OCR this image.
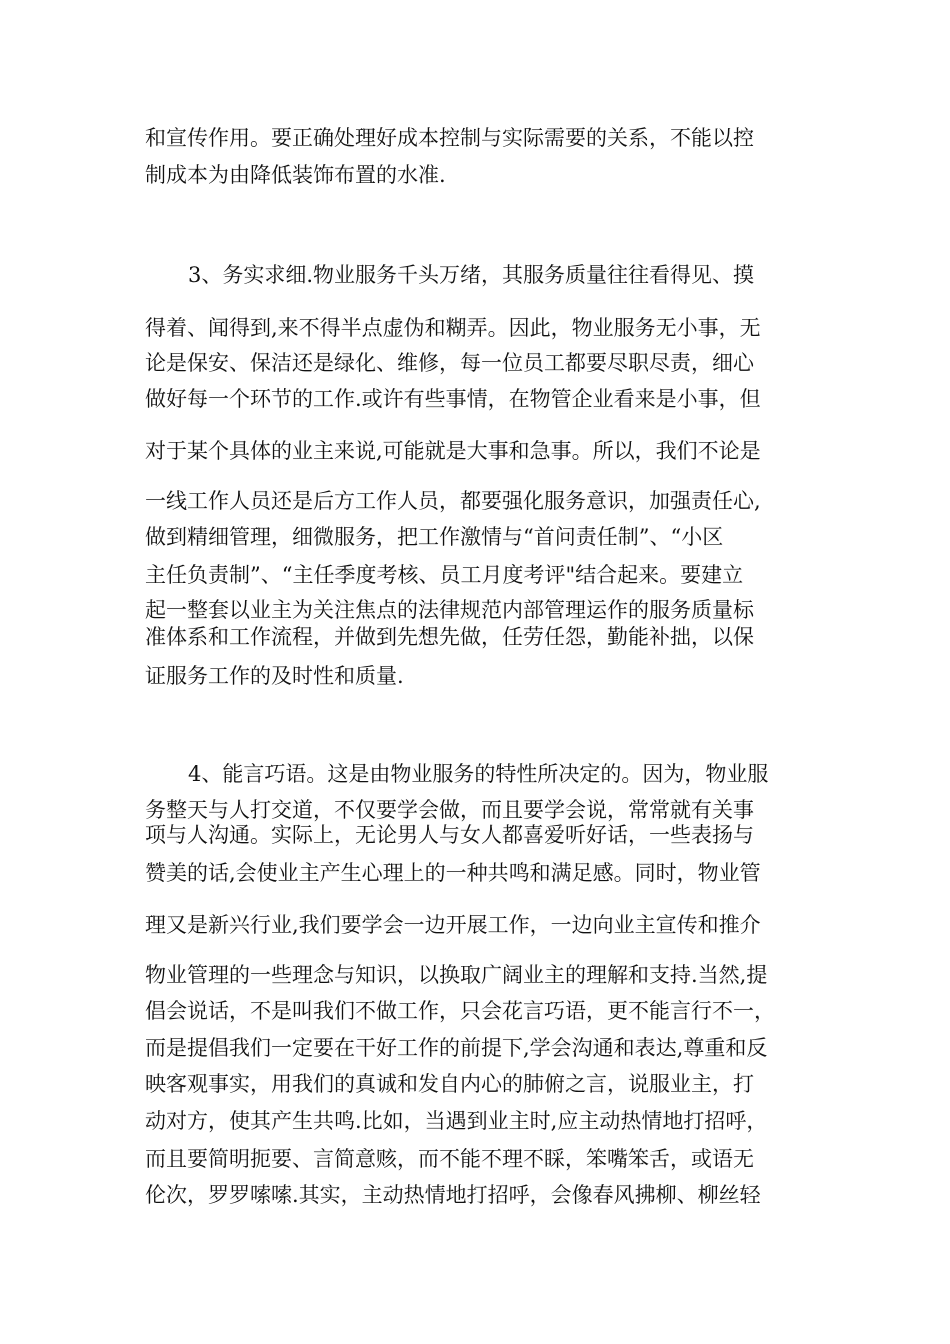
和宣传作用。要正确处理好成本控制与实际需要的关系，不能以控
制成本为由降低装饰布置的水准.
3、务实求细.物业服务千头万绪，其服务质量往往看得见、摸
得着、闻得到,来不得半点虚伪和糊弄。因此，物业服务无小事，无
论是保安、保洁还是绿化、维修，每一位员工都要尽职尽责，细心
做好每一个环节的工作.或许有些事情，在物管企业看来是小事，但
对于某个具体的业主来说,可能就是大事和急事。所以，我们不论是
一线工作人员还是后方工作人员，都要强化服务意识，加强责任心,
做到精细管理，细微服务，把工作激情与“首问责任制”、“小区
主任负责制”、“主任季度考核、员工月度考评"结合起来。要建立
起一整套以业主为关注焦点的法律规范内部管理运作的服务质量标
准体系和工作流程，并做到先想先做，任劳任怨，勤能补拙，以保
证服务工作的及时性和质量.
4、能言巧语。这是由物业服务的特性所决定的。因为，物业服
务整天与人打交道，不仅要学会做，而且要学会说，常常就有关事
项与人沟通。实际上，无论男人与女人都喜爱听好话，一些表扬与
赞美的话,会使业主产生心理上的一种共鸣和满足感。同时，物业管
理又是新兴行业,我们要学会一边开展工作，一边向业主宣传和推介
物业管理的一些理念与知识，以换取广阔业主的理解和支持.当然,提
倡会说话，不是叫我们不做工作，只会花言巧语，更不能言行不一，
而是提倡我们一定要在干好工作的前提下,学会沟通和表达,尊重和反
映客观事实，用我们的真诚和发自内心的肺俯之言，说服业主，打
动对方，使其产生共鸣.比如，当遇到业主时,应主动热情地打招呼，
而且要简明扼要、言简意赅，而不能不理不睬，笨嘴笨舌，或语无
伦次，罗罗嗦嗦.其实，主动热情地打招呼，会像春风拂柳、柳丝轻
